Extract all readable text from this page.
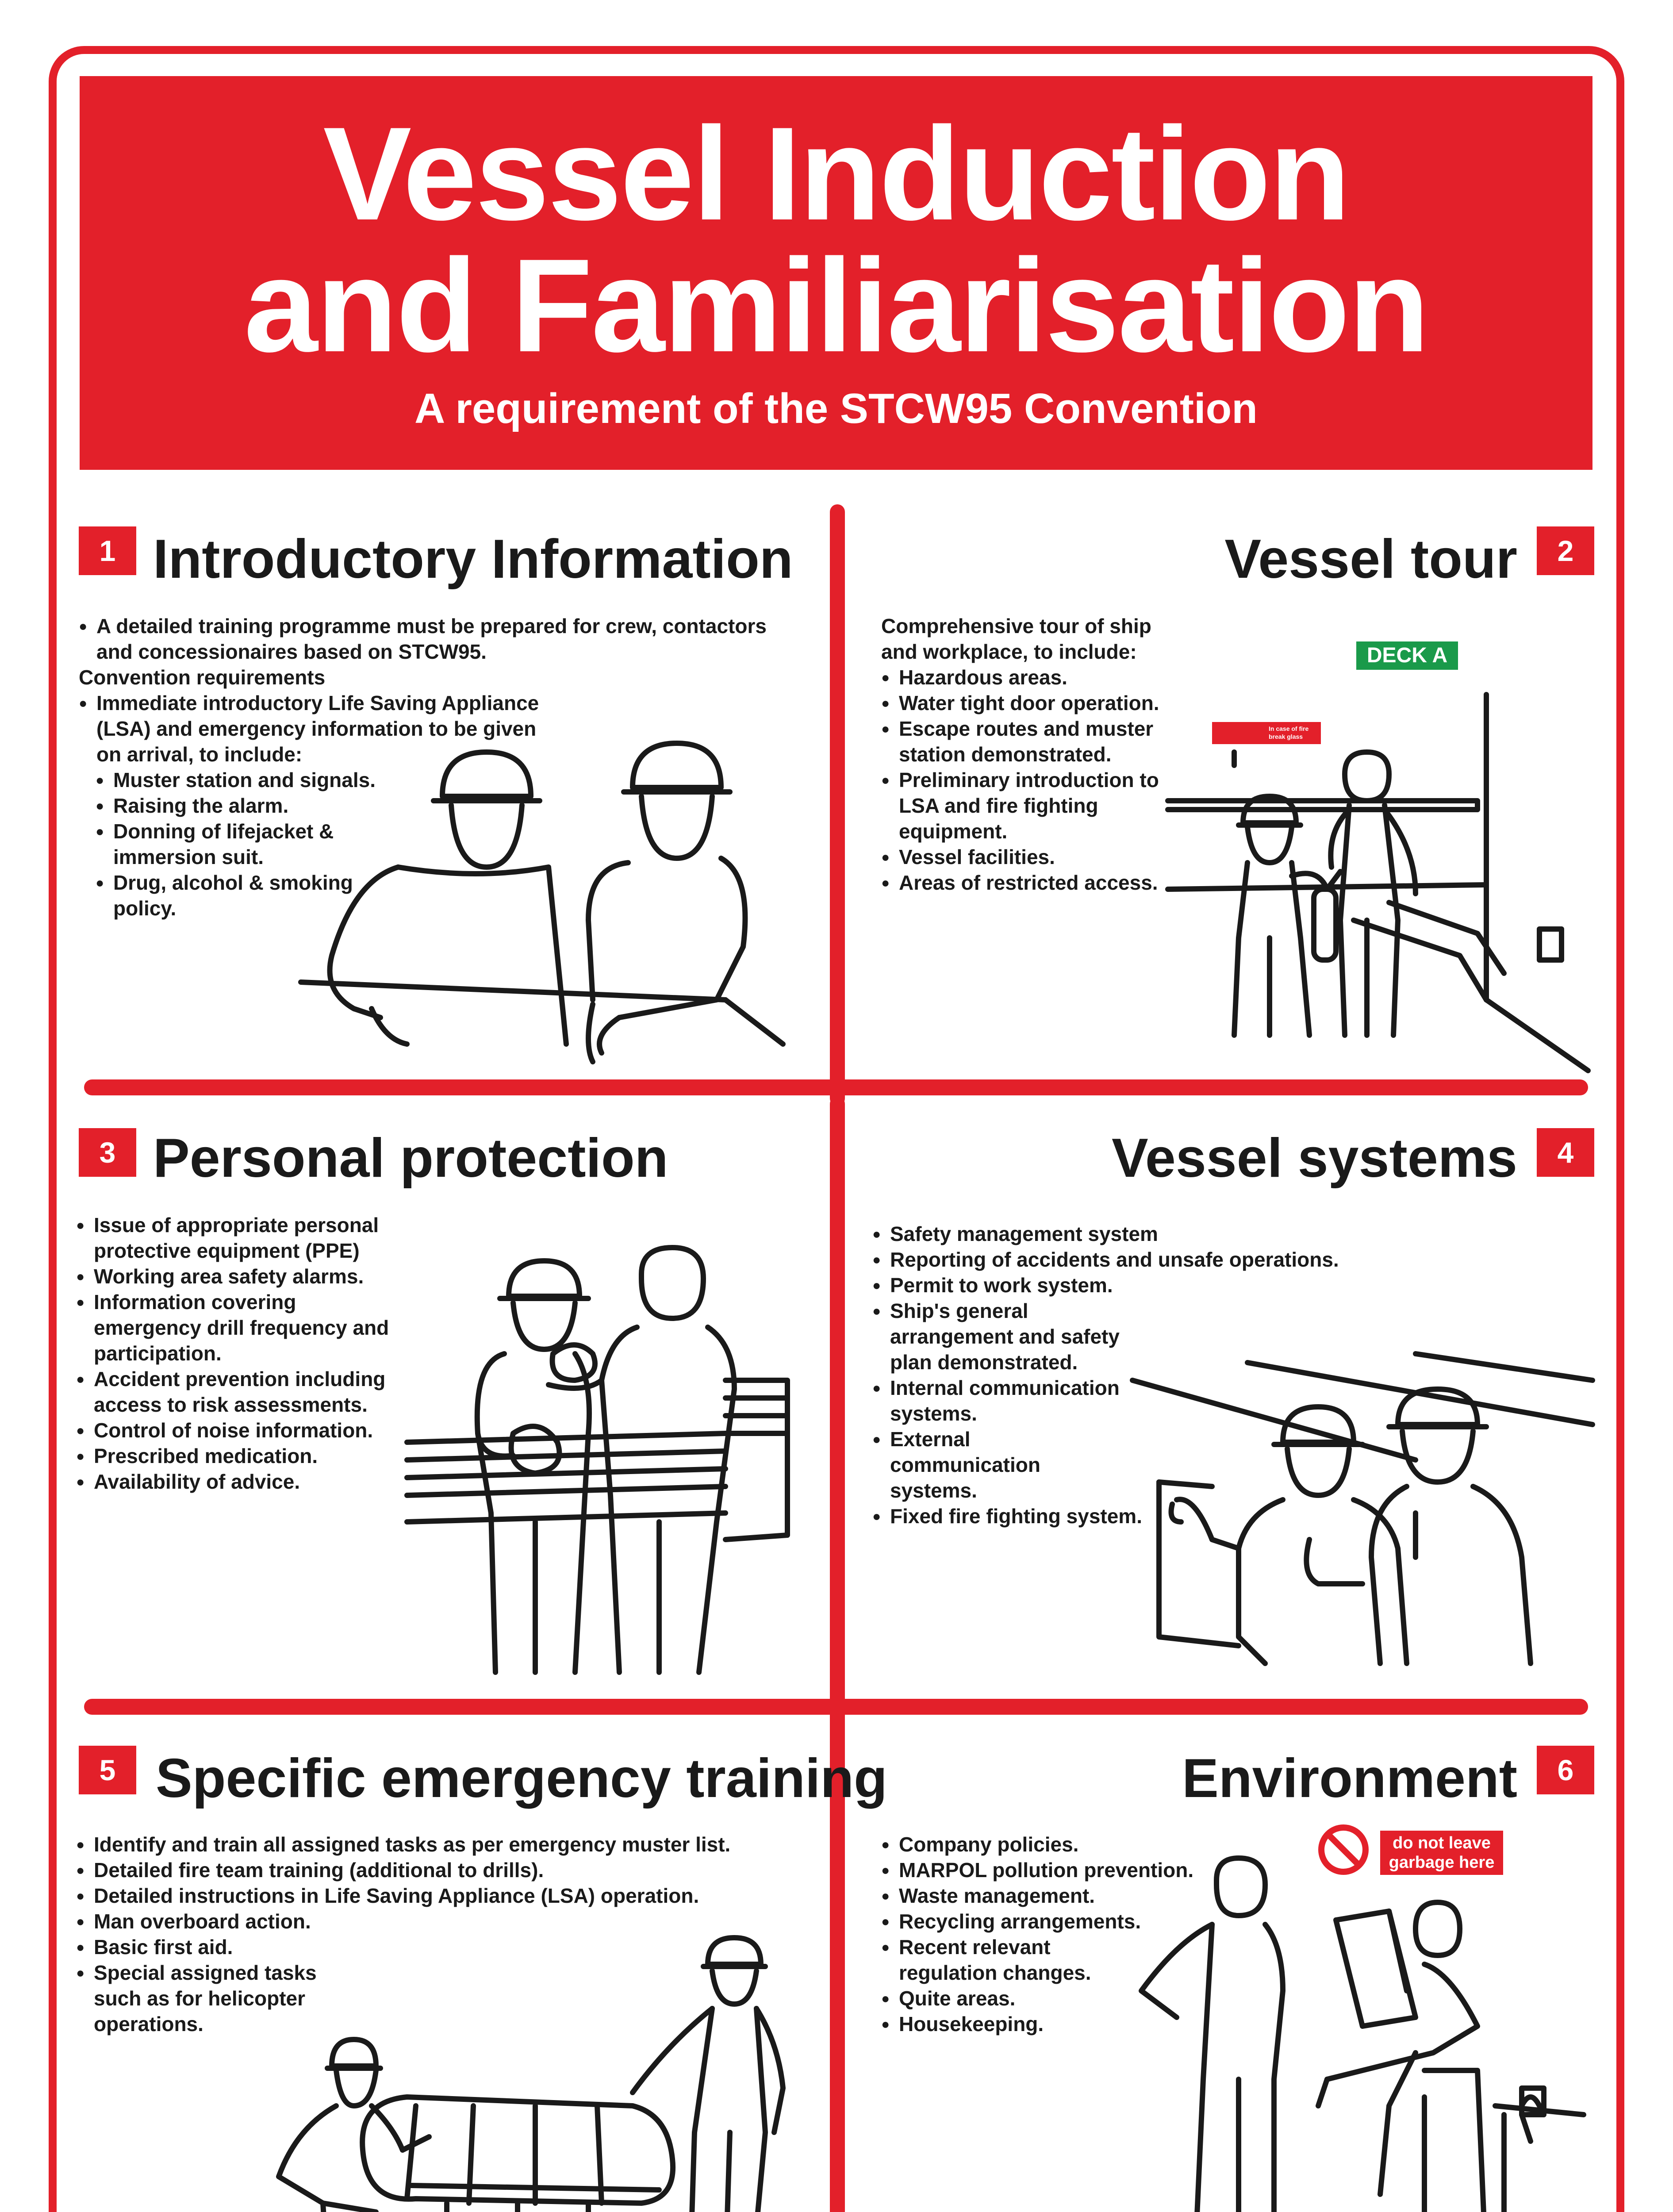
Vessel Induction
and Familiarisation
A requirement of the STCW95 Convention
1 Introductory Information

● A detailed training programme must be prepared for crew, contactors and concessionaires based on STCW95.

Convention requirements

● Immediate introductory Life Saving Appliance (LSA) and emergency information to be given on arrival, to include:

● Muster station and signals.

● Raising the alarm.

● Donning of lifejacket & immersion suit.

● Drug, alcohol & smoking policy.

2
Vessel tour

Comprehensive tour of ship and workplace, to include:

● Hazardous areas.

● Water tight door operation.

● Escape routes and muster station demonstrated.

● Preliminary introduction to LSA and fire fighting equipment.

● Vessel facilities.

● Areas of restricted access.

DECK A
In case of fire break glass
3 Personal protection

● Issue of appropriate personal protective equipment (PPE)

● Working area safety alarms.

● Information covering emergency drill frequency and participation.

● Accident prevention including access to risk assessments.

● Control of noise information.

● Prescribed medication.

● Availability of advice.

4
Vessel systems

● Safety management system

● Reporting of accidents and unsafe operations.

● Permit to work system.

● Ship's general arrangement and safety plan demonstrated.

● Internal communication systems.

● External communication systems.

● Fixed fire fighting system.

5 Specific emergency training

● Identify and train all assigned tasks as per emergency muster list.

● Detailed fire team training (additional to drills).

● Detailed instructions in Life Saving Appliance (LSA) operation.

● Man overboard action.

● Basic first aid.

● Special assigned tasks such as for helicopter operations.

6
Environment

● Company policies.

● MARPOL pollution prevention.

● Waste management.

● Recycling arrangements.

● Recent relevant regulation changes.

● Quite areas.

● Housekeeping.

do not leave garbage here
